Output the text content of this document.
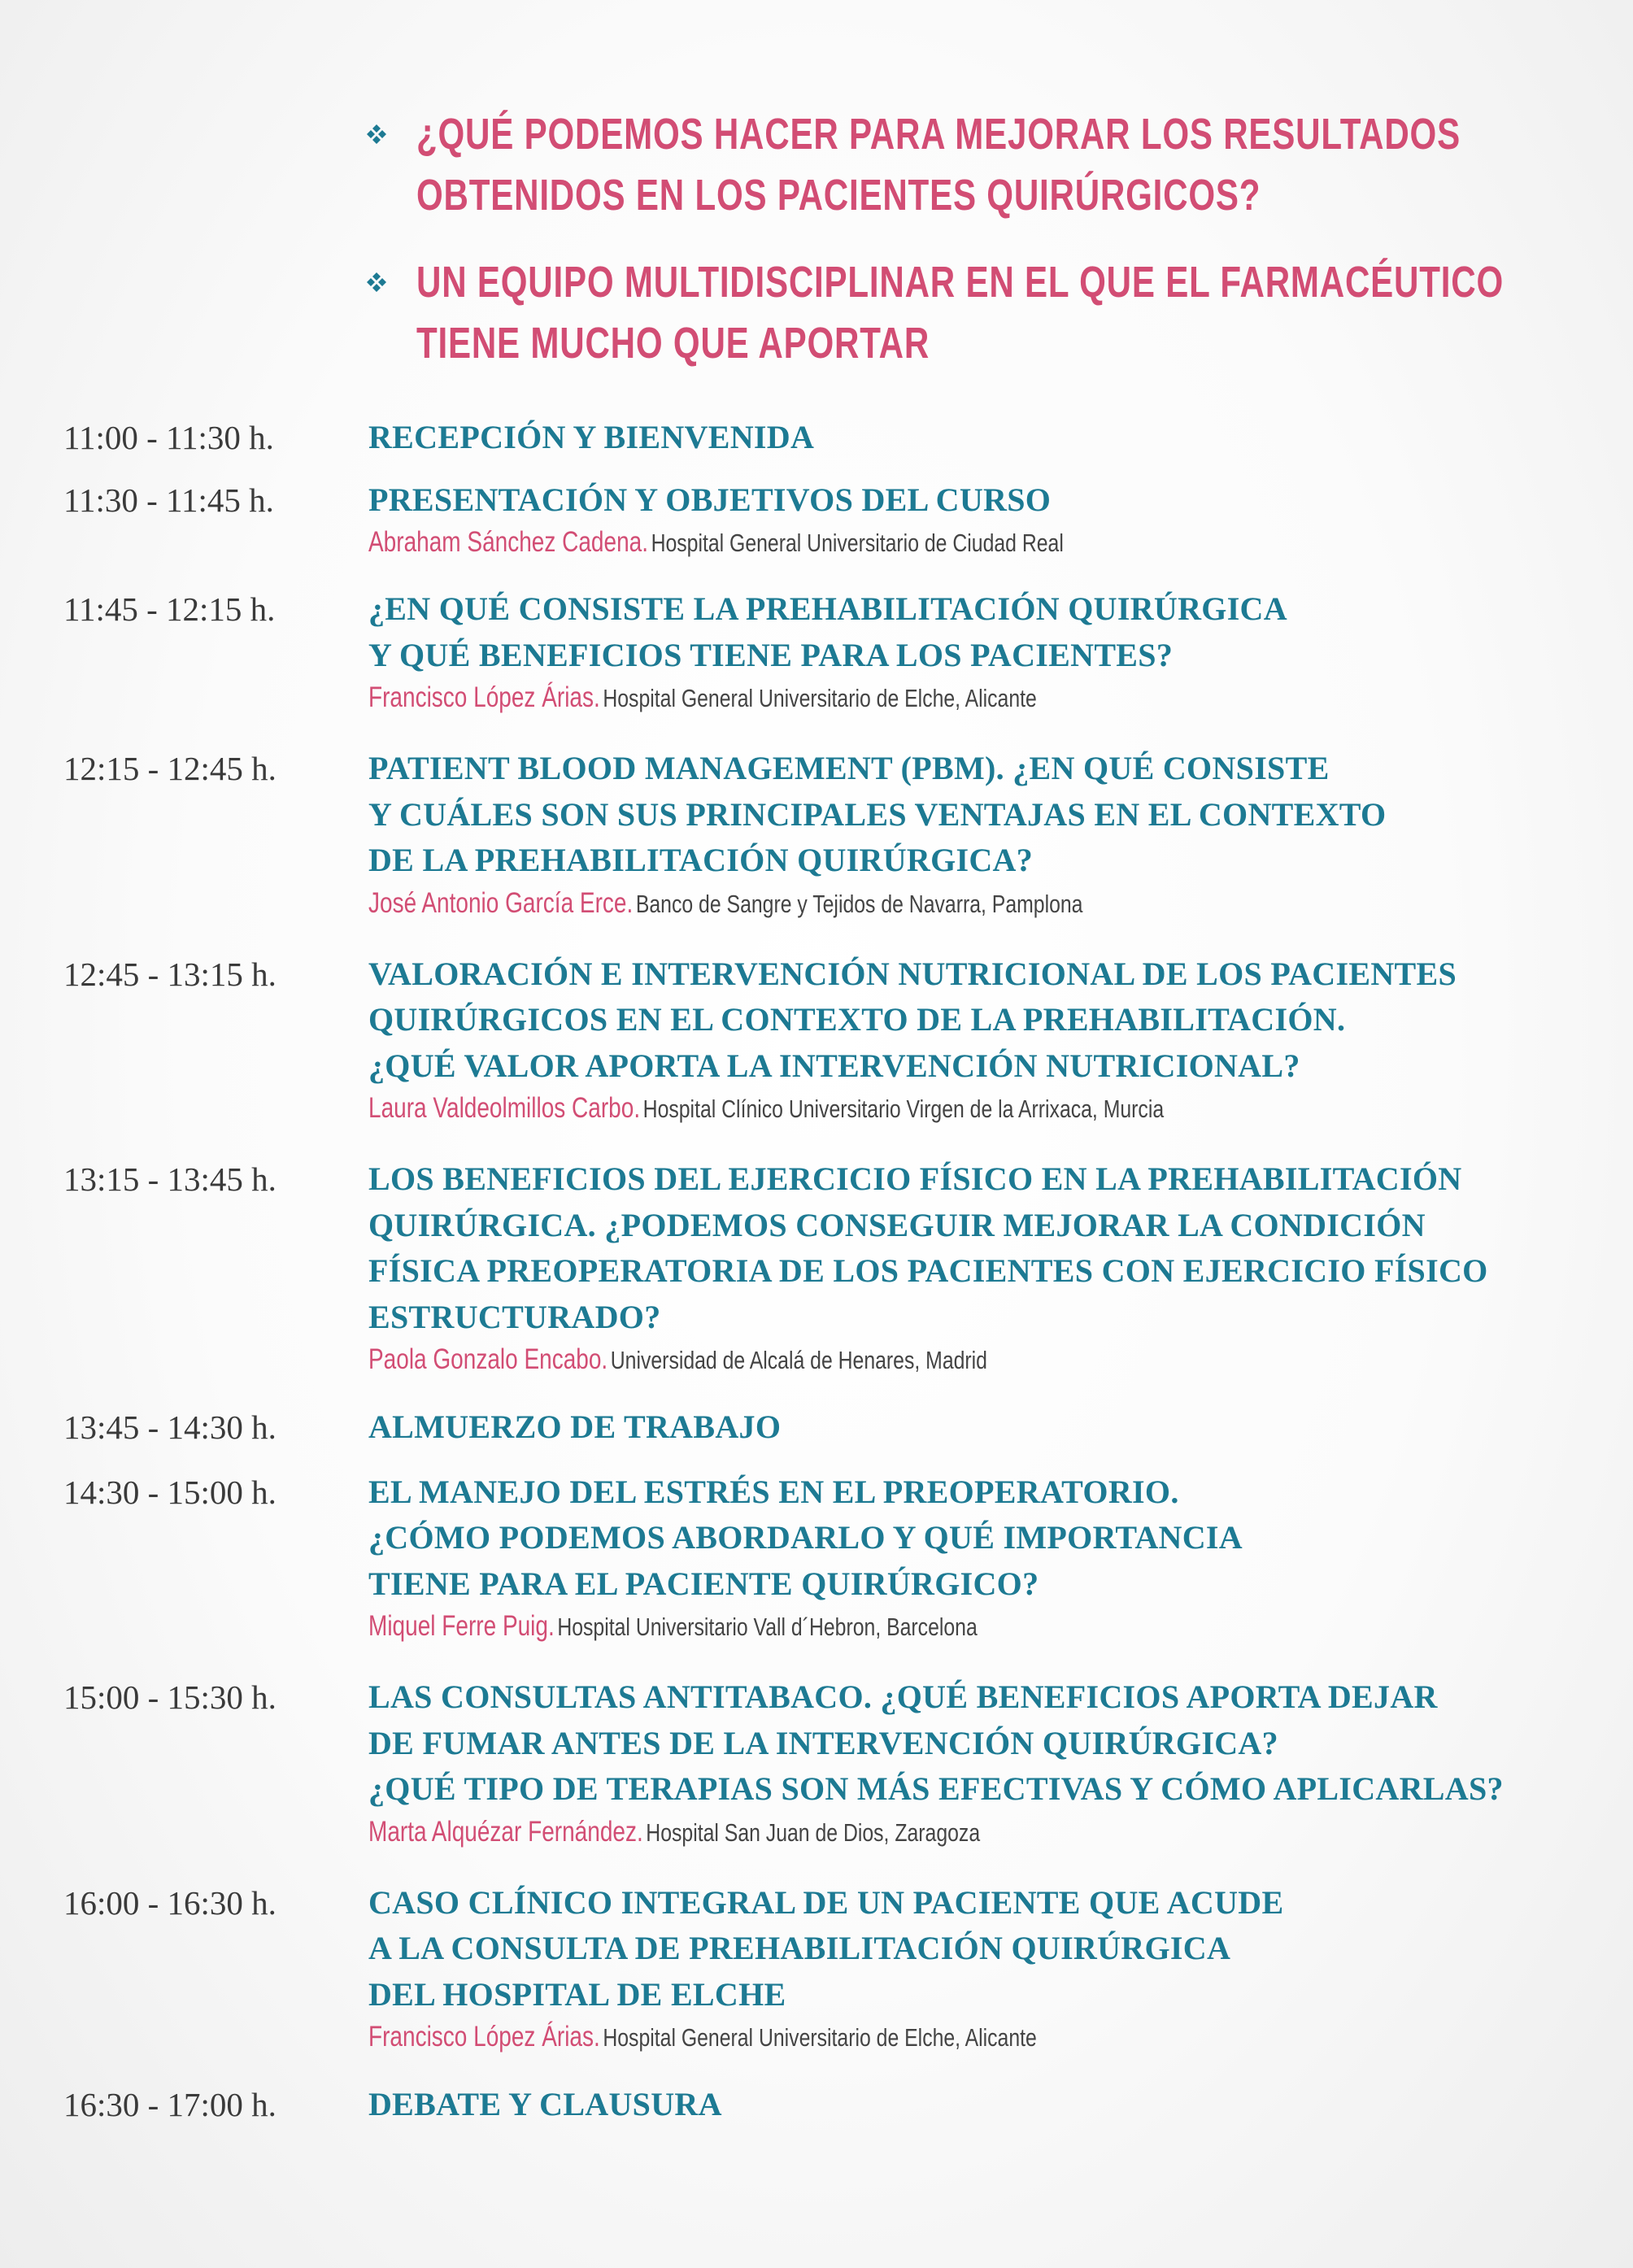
¿QUÉ PODEMOS HACER PARA MEJORAR LOS RESULTADOS
OBTENIDOS EN LOS PACIENTES QUIRÚRGICOS?
UN EQUIPO MULTIDISCIPLINAR EN EL QUE EL FARMACÉUTICO
TIENE MUCHO QUE APORTAR
11:00 - 11:30 h.	RECEPCIÓN Y BIENVENIDA
11:30 - 11:45 h.	PRESENTACIÓN Y OBJETIVOS DEL CURSO
Abraham Sánchez Cadena. Hospital General Universitario de Ciudad Real
11:45 - 12:15 h.	¿EN QUÉ CONSISTE LA PREHABILITACIÓN QUIRÚRGICA
Y QUÉ BENEFICIOS TIENE PARA LOS PACIENTES?
Francisco López Árias. Hospital General Universitario de Elche, Alicante
12:15 - 12:45 h.	PATIENT BLOOD MANAGEMENT (PBM). ¿EN QUÉ CONSISTE
Y CUÁLES SON SUS PRINCIPALES VENTAJAS EN EL CONTEXTO
DE LA PREHABILITACIÓN QUIRÚRGICA?
José Antonio García Erce. Banco de Sangre y Tejidos de Navarra, Pamplona
12:45 - 13:15 h.	VALORACIÓN E INTERVENCIÓN NUTRICIONAL DE LOS PACIENTES
QUIRÚRGICOS EN EL CONTEXTO DE LA PREHABILITACIÓN.
¿QUÉ VALOR APORTA LA INTERVENCIÓN NUTRICIONAL?
Laura Valdeolmillos Carbo. Hospital Clínico Universitario Virgen de la Arrixaca, Murcia
13:15 - 13:45 h.	LOS BENEFICIOS DEL EJERCICIO FÍSICO EN LA PREHABILITACIÓN
QUIRÚRGICA. ¿PODEMOS CONSEGUIR MEJORAR LA CONDICIÓN
FÍSICA PREOPERATORIA DE LOS PACIENTES CON EJERCICIO FÍSICO
ESTRUCTURADO?
Paola Gonzalo Encabo. Universidad de Alcalá de Henares, Madrid
13:45 - 14:30 h.	ALMUERZO DE TRABAJO
14:30 - 15:00 h.	EL MANEJO DEL ESTRÉS EN EL PREOPERATORIO.
¿CÓMO PODEMOS ABORDARLO Y QUÉ IMPORTANCIA
TIENE PARA EL PACIENTE QUIRÚRGICO?
Miquel Ferre Puig. Hospital Universitario Vall d´Hebron, Barcelona
15:00 - 15:30 h.	LAS CONSULTAS ANTITABACO. ¿QUÉ BENEFICIOS APORTA DEJAR
DE FUMAR ANTES DE LA INTERVENCIÓN QUIRÚRGICA?
¿QUÉ TIPO DE TERAPIAS SON MÁS EFECTIVAS Y CÓMO APLICARLAS?
Marta Alquézar Fernández. Hospital San Juan de Dios, Zaragoza
16:00 - 16:30 h.	CASO CLÍNICO INTEGRAL DE UN PACIENTE QUE ACUDE
A LA CONSULTA DE PREHABILITACIÓN QUIRÚRGICA
DEL HOSPITAL DE ELCHE
Francisco López Árias. Hospital General Universitario de Elche, Alicante
16:30 - 17:00 h.	DEBATE Y CLAUSURA
